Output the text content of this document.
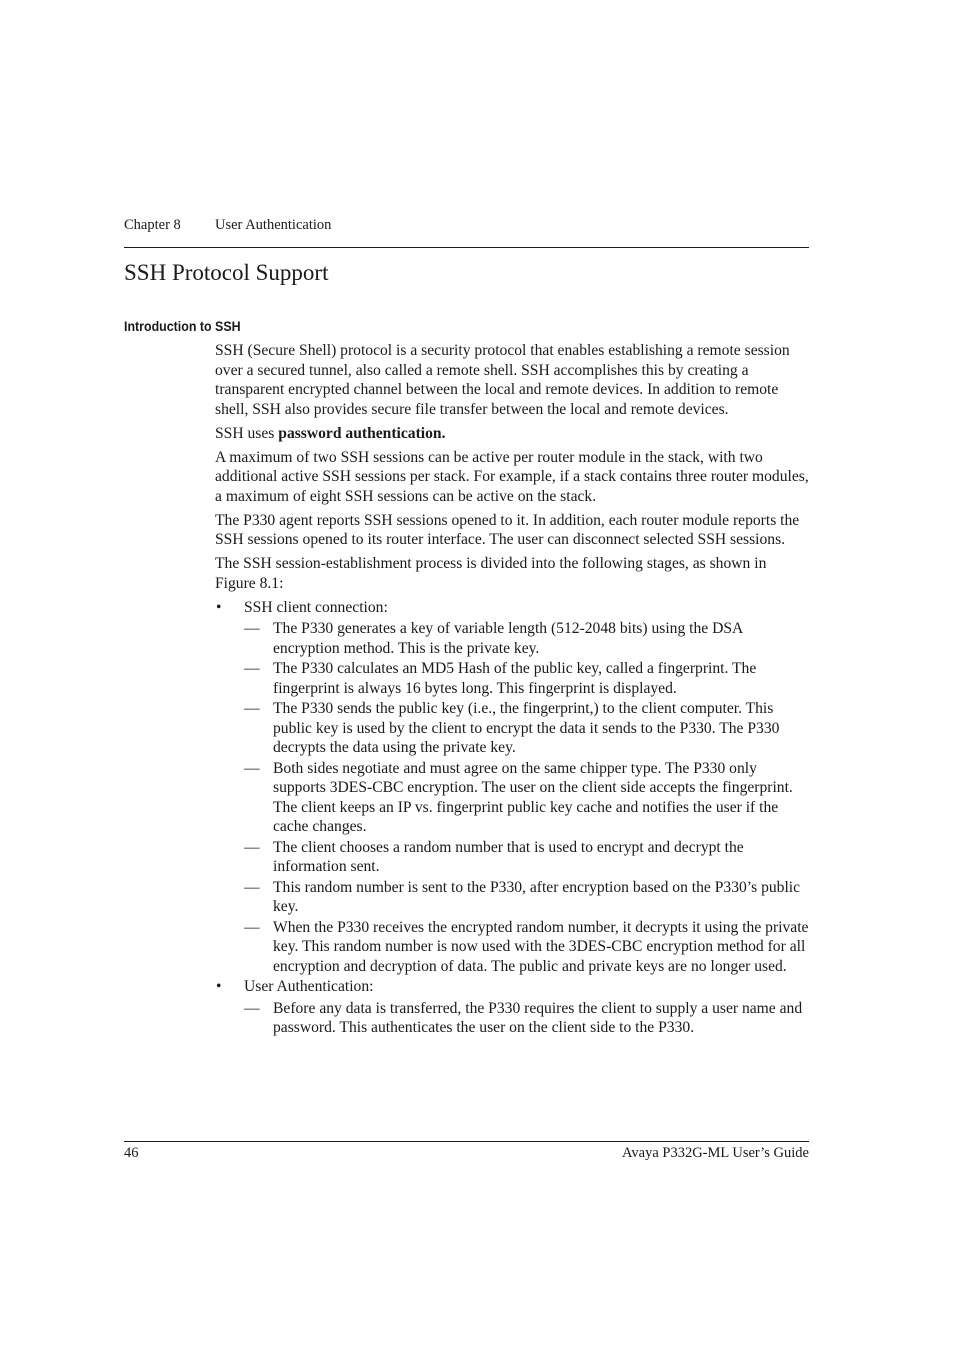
Chapter 8 User Authentication
SSH Protocol Support
Introduction to SSH

SSH (Secure Shell) protocol is a security protocol that enables establishing a remote session over a secured tunnel, also called a remote shell. SSH accomplishes this by creating a transparent encrypted channel between the local and remote devices. In addition to remote shell, SSH also provides secure file transfer between the local and remote devices.

SSH uses password authentication.

A maximum of two SSH sessions can be active per router module in the stack, with two additional active SSH sessions per stack. For example, if a stack contains three router modules, a maximum of eight SSH sessions can be active on the stack.

The P330 agent reports SSH sessions opened to it. In addition, each router module reports the SSH sessions opened to its router interface. The user can disconnect selected SSH sessions.

The SSH session-establishment process is divided into the following stages, as shown in Figure 8.1:

• SSH client connection:
— The P330 generates a key of variable length (512-2048 bits) using the DSA encryption method. This is the private key.
— The P330 calculates an MD5 Hash of the public key, called a fingerprint. The fingerprint is always 16 bytes long. This fingerprint is displayed.
— The P330 sends the public key (i.e., the fingerprint,) to the client computer. This public key is used by the client to encrypt the data it sends to the P330. The P330 decrypts the data using the private key.
— Both sides negotiate and must agree on the same chipper type. The P330 only supports 3DES-CBC encryption. The user on the client side accepts the fingerprint. The client keeps an IP vs. fingerprint public key cache and notifies the user if the cache changes.
— The client chooses a random number that is used to encrypt and decrypt the information sent.
— This random number is sent to the P330, after encryption based on the P330’s public key.
— When the P330 receives the encrypted random number, it decrypts it using the private key. This random number is now used with the 3DES-CBC encryption method for all encryption and decryption of data. The public and private keys are no longer used.
• User Authentication:
— Before any data is transferred, the P330 requires the client to supply a user name and password. This authenticates the user on the client side to the P330.
46	Avaya P332G-ML User’s Guide
